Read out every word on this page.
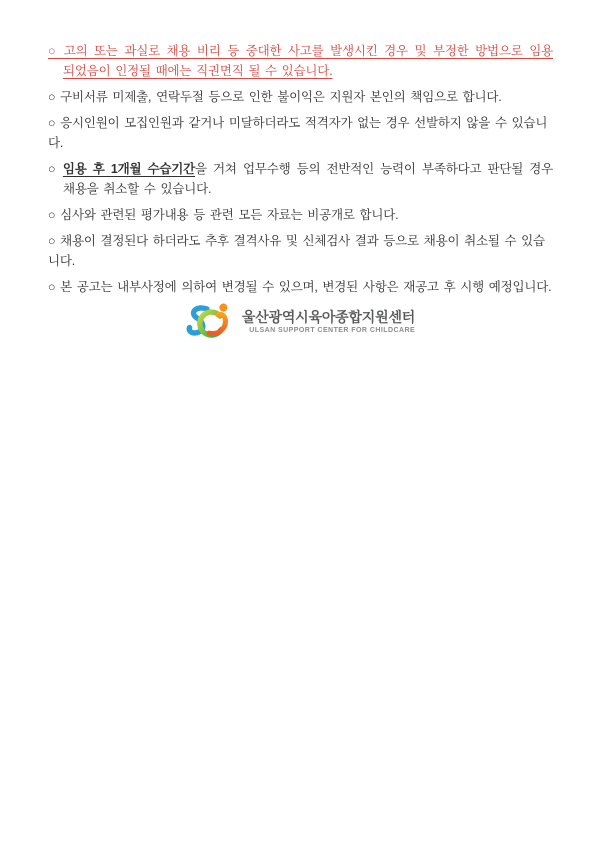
○ 고의 또는 과실로 채용 비리 등 중대한 사고를 발생시킨 경우 및 부정한 방법으로 임용
되었음이 인정될 때에는 직권면직 될 수 있습니다.
○ 구비서류 미제출, 연락두절 등으로 인한 불이익은 지원자 본인의 책임으로 합니다.
○ 응시인원이 모집인원과 같거나 미달하더라도 적격자가 없는 경우 선발하지 않을 수 있습니다.
○ 임용 후 1개월 수습기간을 거쳐 업무수행 등의 전반적인 능력이 부족하다고 판단될 경우
채용을 취소할 수 있습니다.
○ 심사와 관련된 평가내용 등 관련 모든 자료는 비공개로 합니다.
○ 채용이 결정된다 하더라도 추후 결격사유 및 신체검사 결과 등으로 채용이 취소될 수 있습니다.
○ 본 공고는 내부사정에 의하여 변경될 수 있으며, 변경된 사항은 재공고 후 시행 예정입니다.
울산광역시육아종합지원센터
ULSAN SUPPORT CENTER FOR CHILDCARE
